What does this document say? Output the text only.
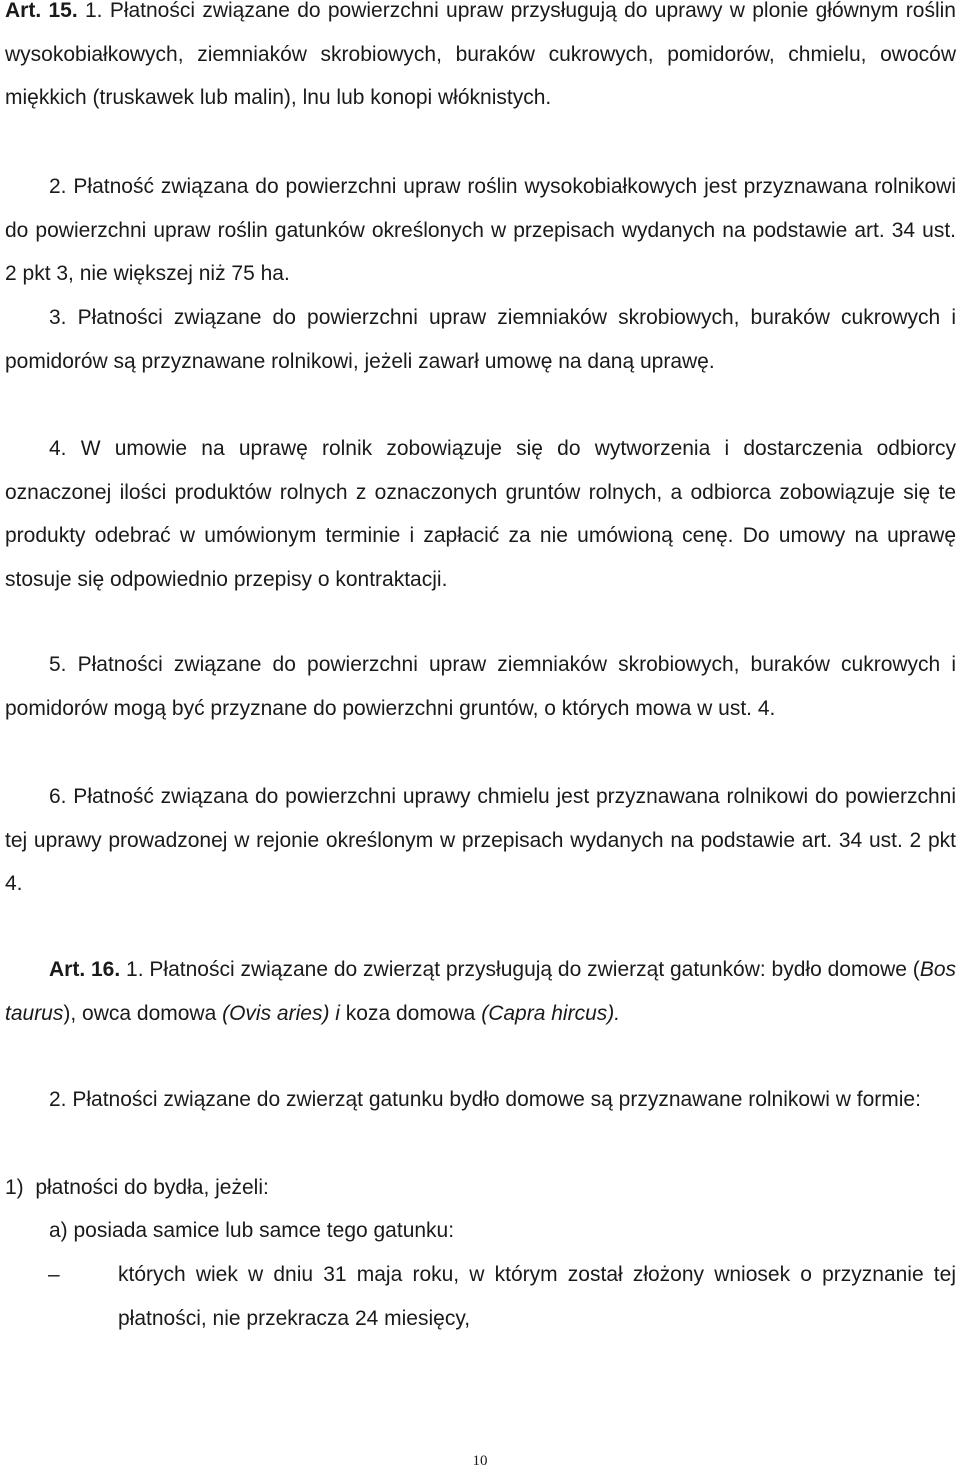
Art. 15. 1. Płatności związane do powierzchni upraw przysługują do uprawy w plonie głównym roślin wysokobiałkowych, ziemniaków skrobiowych, buraków cukrowych, pomidorów, chmielu, owoców miękkich (truskawek lub malin), lnu lub konopi włóknistych.

2. Płatność związana do powierzchni upraw roślin wysokobiałkowych jest przyznawana rolnikowi do powierzchni upraw roślin gatunków określonych w przepisach wydanych na podstawie art. 34 ust. 2 pkt 3, nie większej niż 75 ha.

3. Płatności związane do powierzchni upraw ziemniaków skrobiowych, buraków cukrowych i pomidorów są przyznawane rolnikowi, jeżeli zawarł umowę na daną uprawę.

4. W umowie na uprawę rolnik zobowiązuje się do wytworzenia i dostarczenia odbiorcy oznaczonej ilości produktów rolnych z oznaczonych gruntów rolnych, a odbiorca zobowiązuje się te produkty odebrać w umówionym terminie i zapłacić za nie umówioną cenę. Do umowy na uprawę stosuje się odpowiednio przepisy o kontraktacji.

5. Płatności związane do powierzchni upraw ziemniaków skrobiowych, buraków cukrowych i pomidorów mogą być przyznane do powierzchni gruntów, o których mowa w ust. 4.

6. Płatność związana do powierzchni uprawy chmielu jest przyznawana rolnikowi do powierzchni tej uprawy prowadzonej w rejonie określonym w przepisach wydanych na podstawie art. 34 ust. 2 pkt 4.

Art. 16. 1. Płatności związane do zwierząt przysługują do zwierząt gatunków: bydło domowe (Bos taurus), owca domowa (Ovis aries) i koza domowa (Capra hircus).

2. Płatności związane do zwierząt gatunku bydło domowe są przyznawane rolnikowi w formie:

1)  płatności do bydła, jeżeli:

a) posiada samice lub samce tego gatunku:

–	których wiek w dniu 31 maja roku, w którym został złożony wniosek o przyznanie tej płatności, nie przekracza 24 miesięcy,
10
